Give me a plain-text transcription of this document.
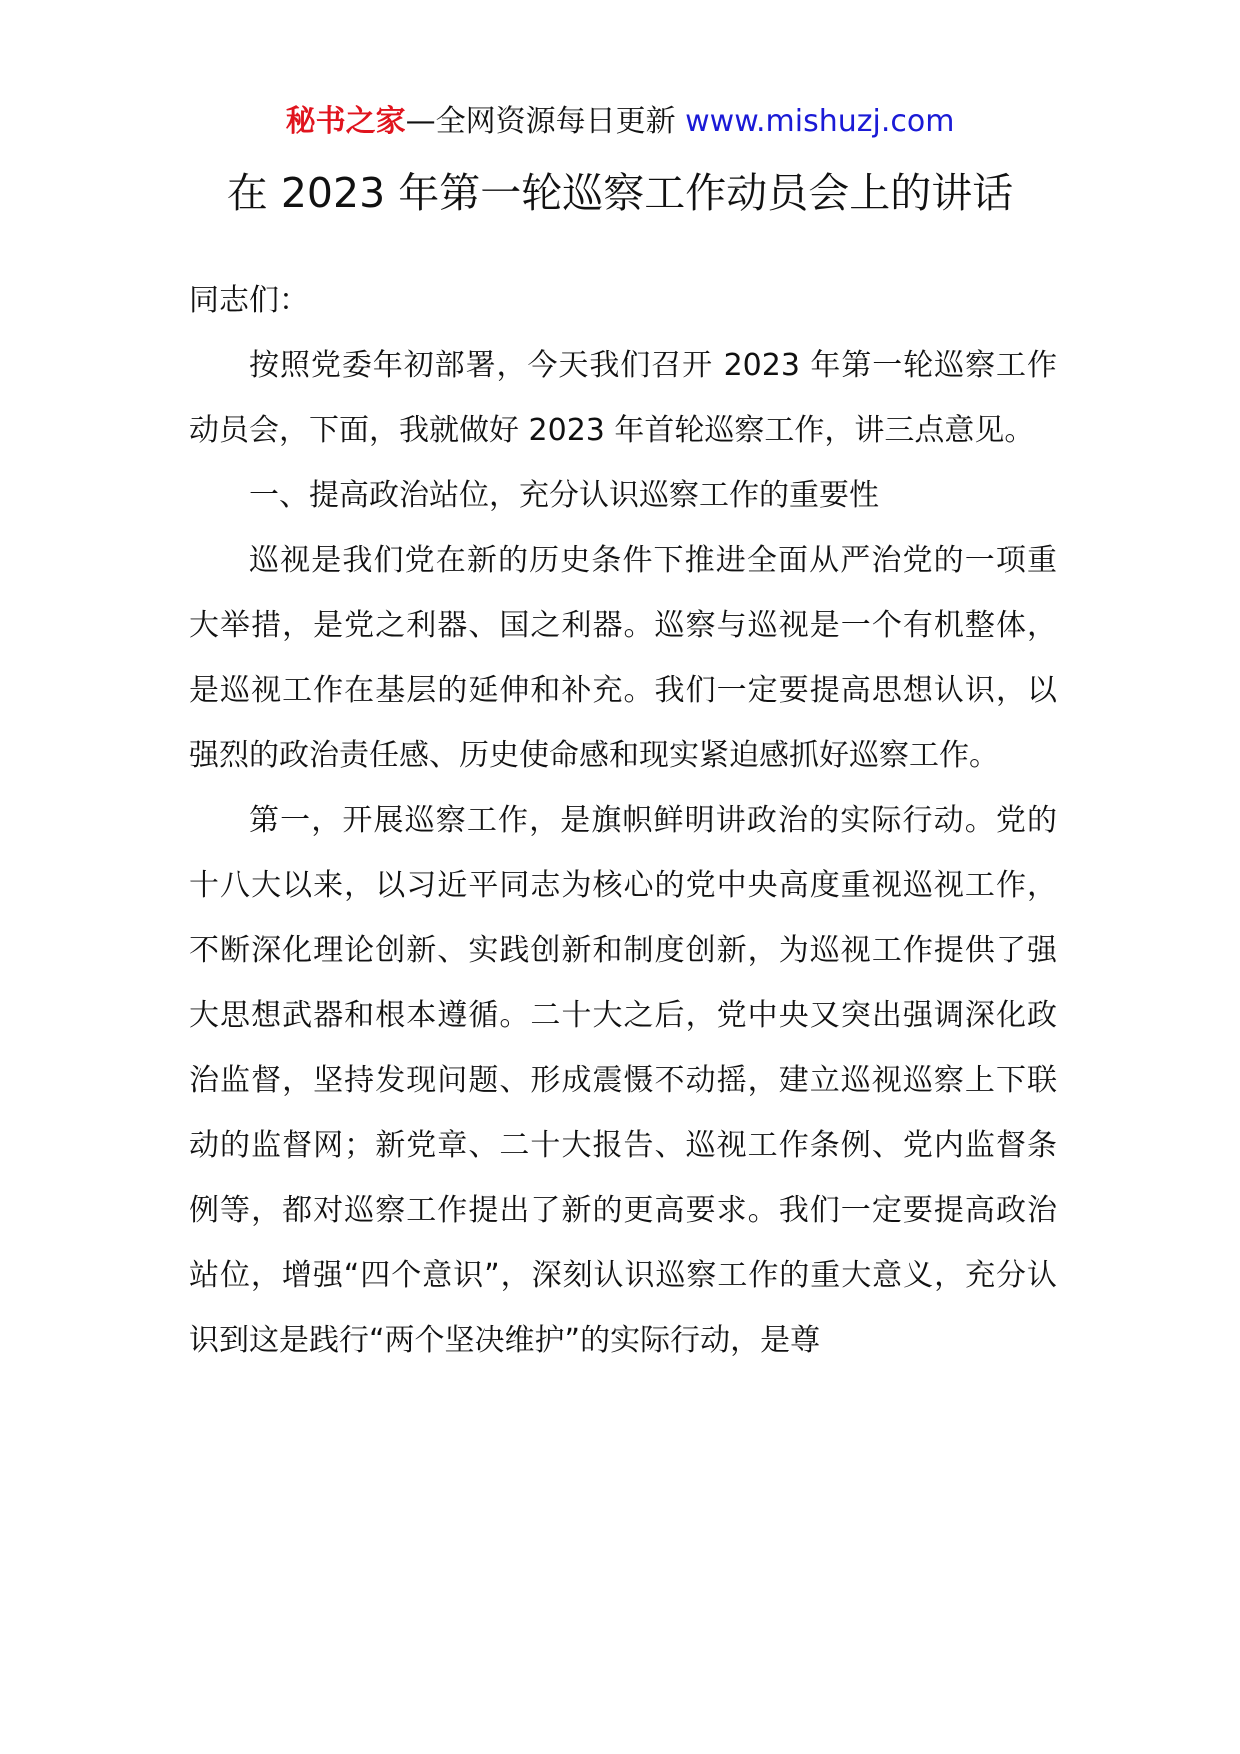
秘书之家—全网资源每日更新 www.mishuzj.com
在 2023 年第一轮巡察工作动员会上的讲话

同志们：

按照党委年初部署，今天我们召开 2023 年第一轮巡察工作动员会，下面，我就做好 2023 年首轮巡察工作，讲三点意见。

一、提高政治站位，充分认识巡察工作的重要性

巡视是我们党在新的历史条件下推进全面从严治党的一项重大举措，是党之利器、国之利器。巡察与巡视是一个有机整体，是巡视工作在基层的延伸和补充。我们一定要提高思想认识，以强烈的政治责任感、历史使命感和现实紧迫感抓好巡察工作。

第一，开展巡察工作，是旗帜鲜明讲政治的实际行动。党的十八大以来，以习近平同志为核心的党中央高度重视巡视工作，不断深化理论创新、实践创新和制度创新，为巡视工作提供了强大思想武器和根本遵循。二十大之后，党中央又突出强调深化政治监督，坚持发现问题、形成震慑不动摇，建立巡视巡察上下联动的监督网；新党章、二十大报告、巡视工作条例、党内监督条例等，都对巡察工作提出了新的更高要求。我们一定要提高政治站位，增强“四个意识”，深刻认识巡察工作的重大意义，充分认识到这是践行“两个坚决维护”的实际行动，是尊
